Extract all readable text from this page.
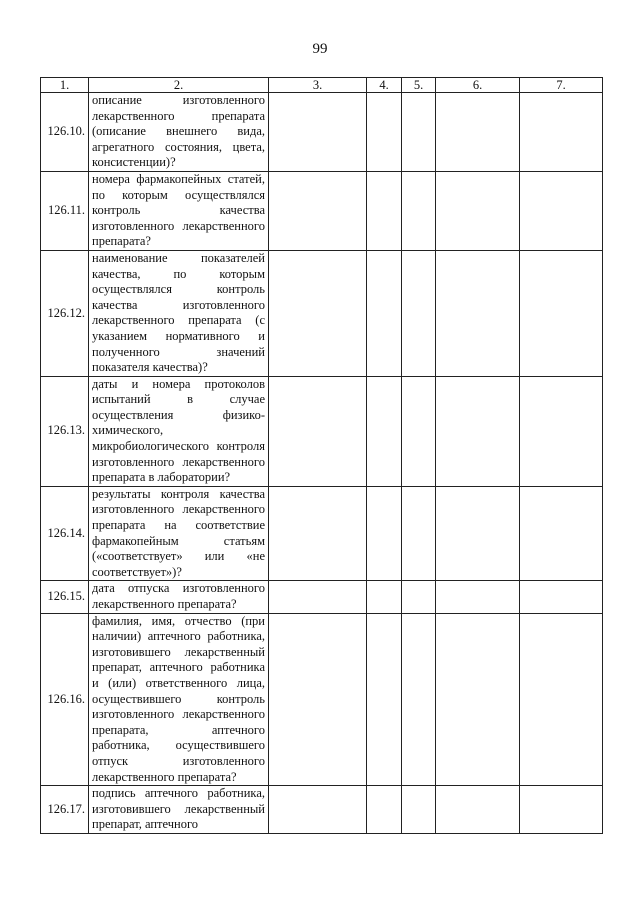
99
1.	2.	3.	4.	5.	6.	7.
126.10.	описание изготовленного лекарственного препарата (описание внешнего вида, агрегатного состояния, цвета, консистенции)?					
126.11.	номера фармакопейных статей, по которым осуществлялся контроль качества изготовленного лекарственного препарата?					
126.12.	наименование показателей качества, по которым осуществлялся контроль качества изготовленного лекарственного препарата (с указанием нормативного и полученного значений показателя качества)?					
126.13.	даты и номера протоколов испытаний в случае осуществления физико-химического, микробиологического контроля изготовленного лекарственного препарата в лаборатории?					
126.14.	результаты контроля качества изготовленного лекарственного препарата на соответствие фармакопейным статьям («соответствует» или «не соответствует»)?					
126.15.	дата отпуска изготовленного лекарственного препарата?					
126.16.	фамилия, имя, отчество (при наличии) аптечного работника, изготовившего лекарственный препарат, аптечного работника и (или) ответственного лица, осуществившего контроль изготовленного лекарственного препарата, аптечного работника, осуществившего отпуск изготовленного лекарственного препарата?					
126.17.	подпись аптечного работника, изготовившего лекарственный препарат, аптечного					
